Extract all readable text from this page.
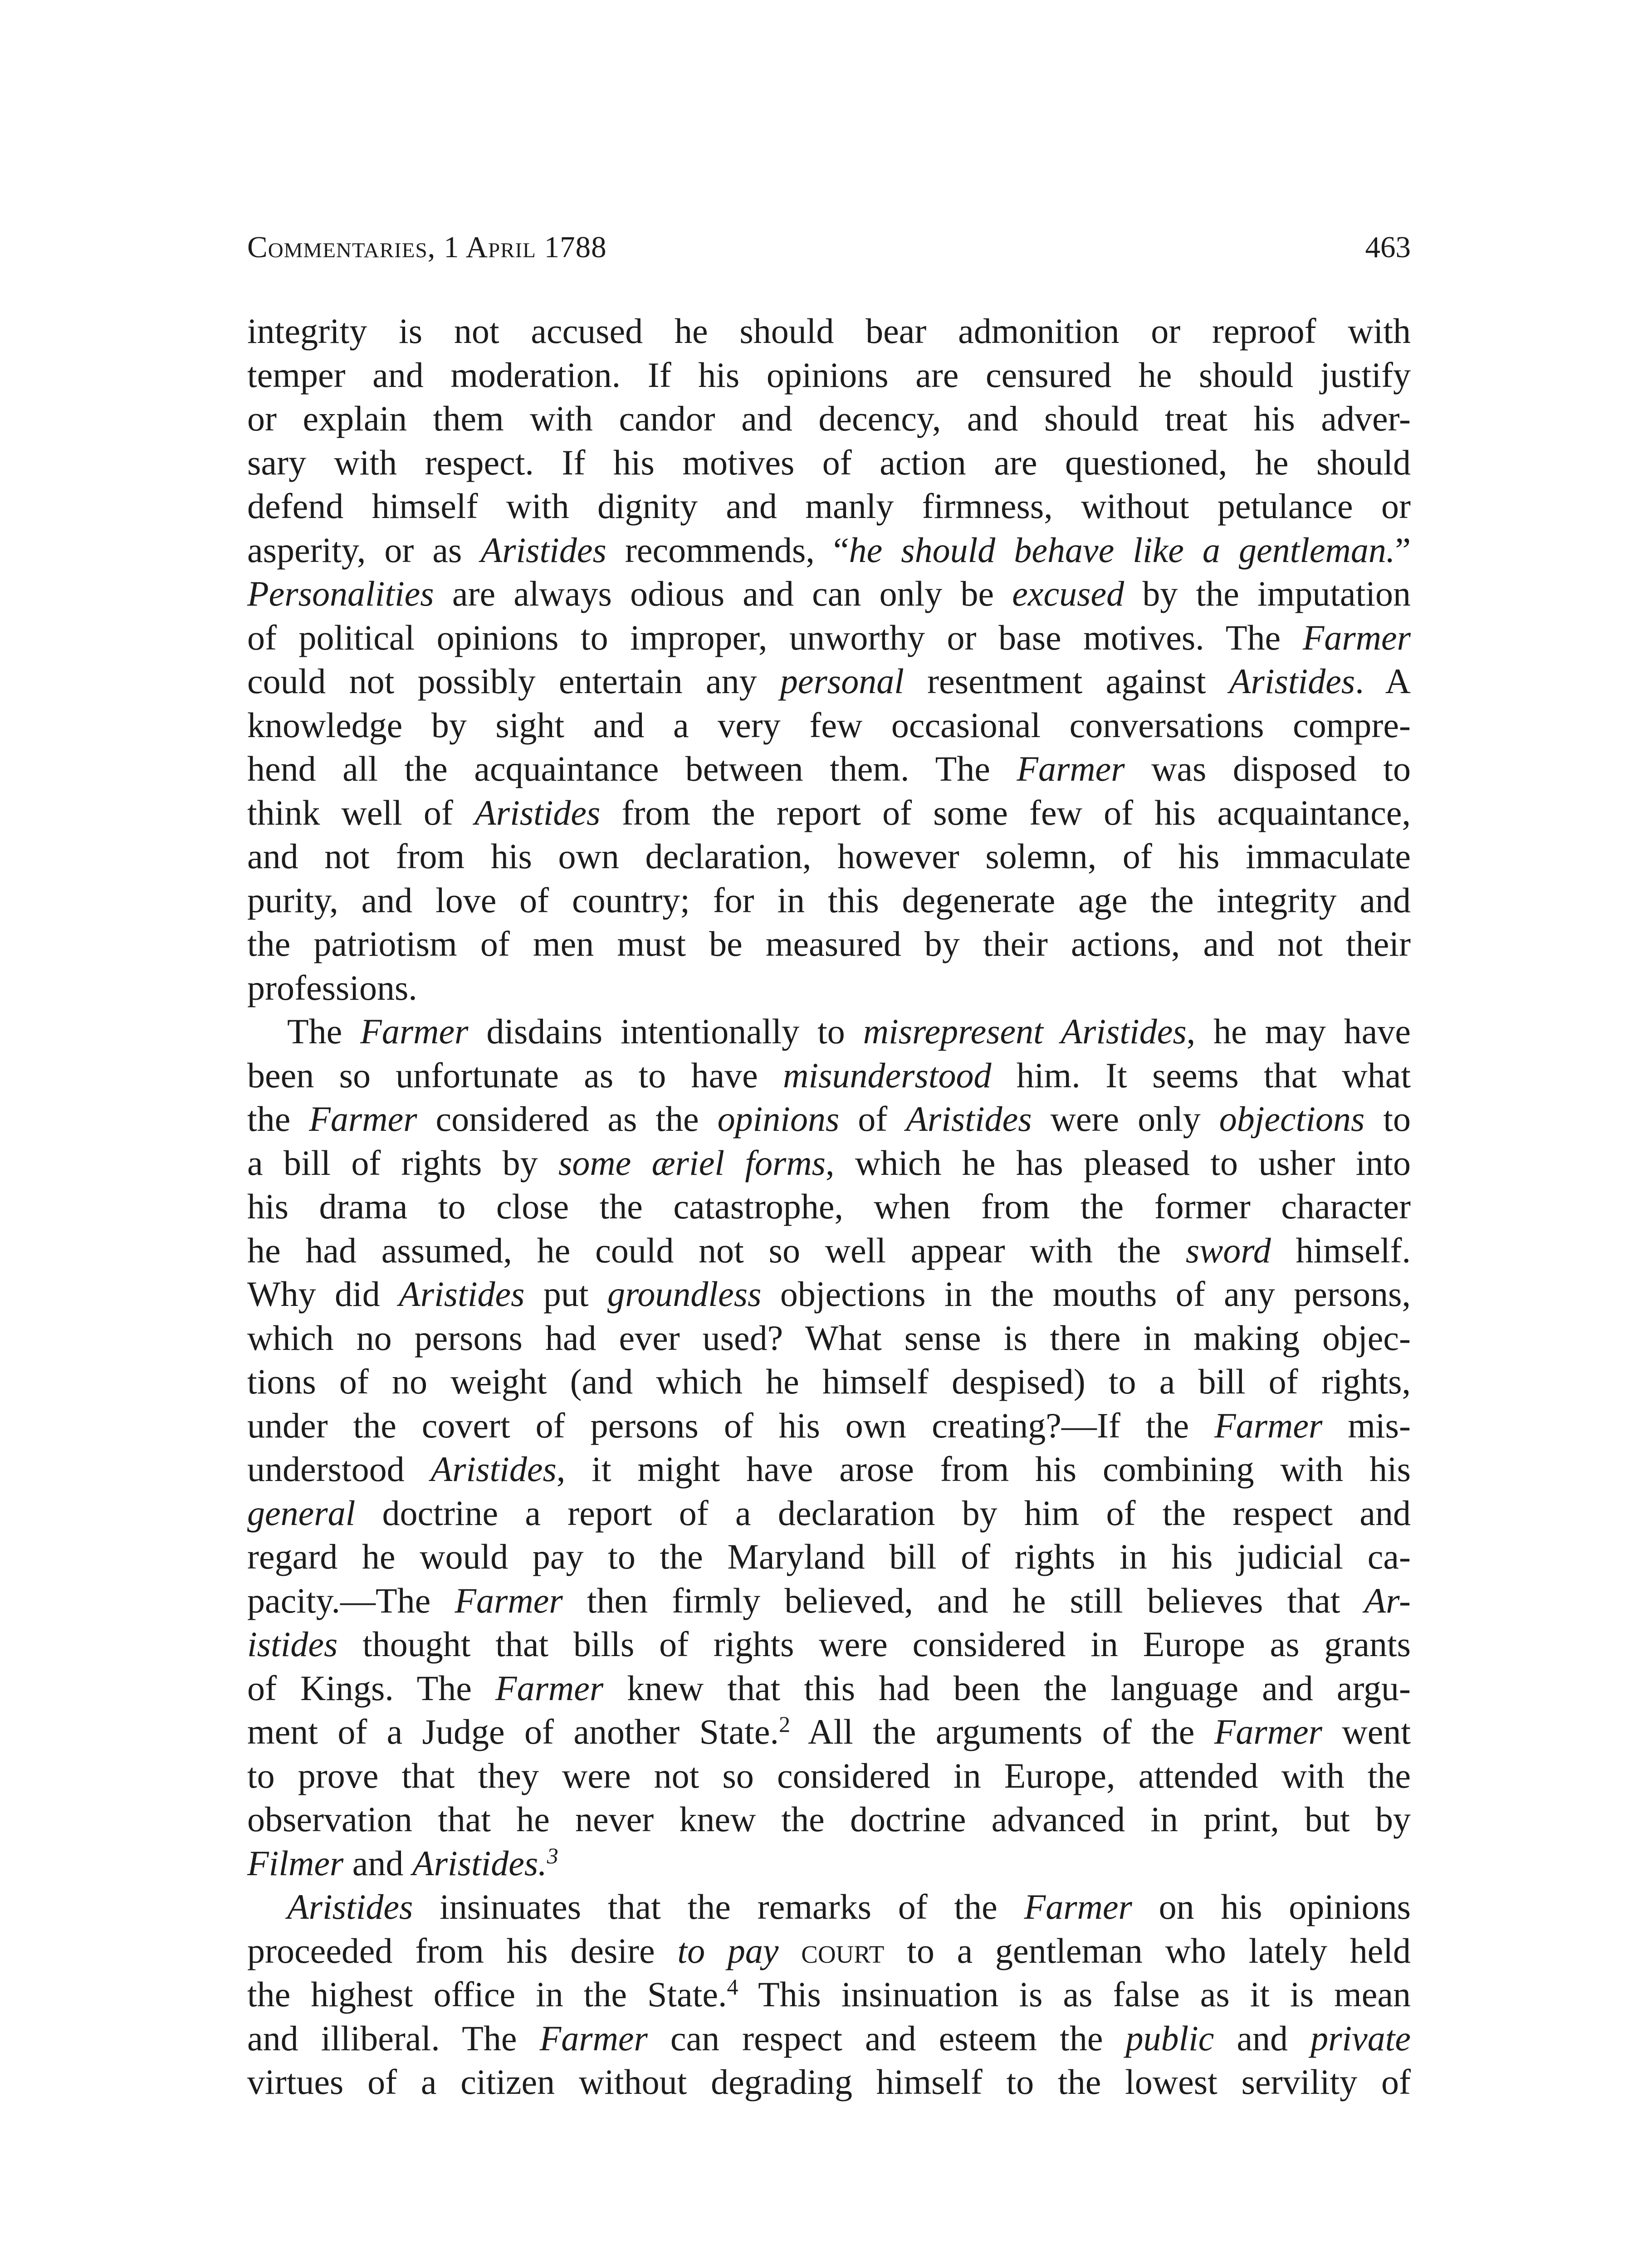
Commentaries, 1 April 1788	463
integrity is not accused he should bear admonition or reproof with
temper and moderation. If his opinions are censured he should justify
or explain them with candor and decency, and should treat his adver-
sary with respect. If his motives of action are questioned, he should
defend himself with dignity and manly firmness, without petulance or
asperity, or as Aristides recommends, “he should behave like a gentleman.”
Personalities are always odious and can only be excused by the imputation
of political opinions to improper, unworthy or base motives. The Farmer
could not possibly entertain any personal resentment against Aristides. A
knowledge by sight and a very few occasional conversations compre-
hend all the acquaintance between them. The Farmer was disposed to
think well of Aristides from the report of some few of his acquaintance,
and not from his own declaration, however solemn, of his immaculate
purity, and love of country; for in this degenerate age the integrity and
the patriotism of men must be measured by their actions, and not their
professions.
The Farmer disdains intentionally to misrepresent Aristides, he may have
been so unfortunate as to have misunderstood him. It seems that what
the Farmer considered as the opinions of Aristides were only objections to
a bill of rights by some æriel forms, which he has pleased to usher into
his drama to close the catastrophe, when from the former character
he had assumed, he could not so well appear with the sword himself.
Why did Aristides put groundless objections in the mouths of any persons,
which no persons had ever used? What sense is there in making objec-
tions of no weight (and which he himself despised) to a bill of rights,
under the covert of persons of his own creating?—If the Farmer mis-
understood Aristides, it might have arose from his combining with his
general doctrine a report of a declaration by him of the respect and
regard he would pay to the Maryland bill of rights in his judicial ca-
pacity.—The Farmer then firmly believed, and he still believes that Ar-
istides thought that bills of rights were considered in Europe as grants
of Kings. The Farmer knew that this had been the language and argu-
ment of a Judge of another State.$^2$ All the arguments of the Farmer went
to prove that they were not so considered in Europe, attended with the
observation that he never knew the doctrine advanced in print, but by
Filmer and Aristides.$^3$
Aristides insinuates that the remarks of the Farmer on his opinions
proceeded from his desire to pay court to a gentleman who lately held
the highest office in the State.$^4$ This insinuation is as false as it is mean
and illiberal. The Farmer can respect and esteem the public and private
virtues of a citizen without degrading himself to the lowest servility of
